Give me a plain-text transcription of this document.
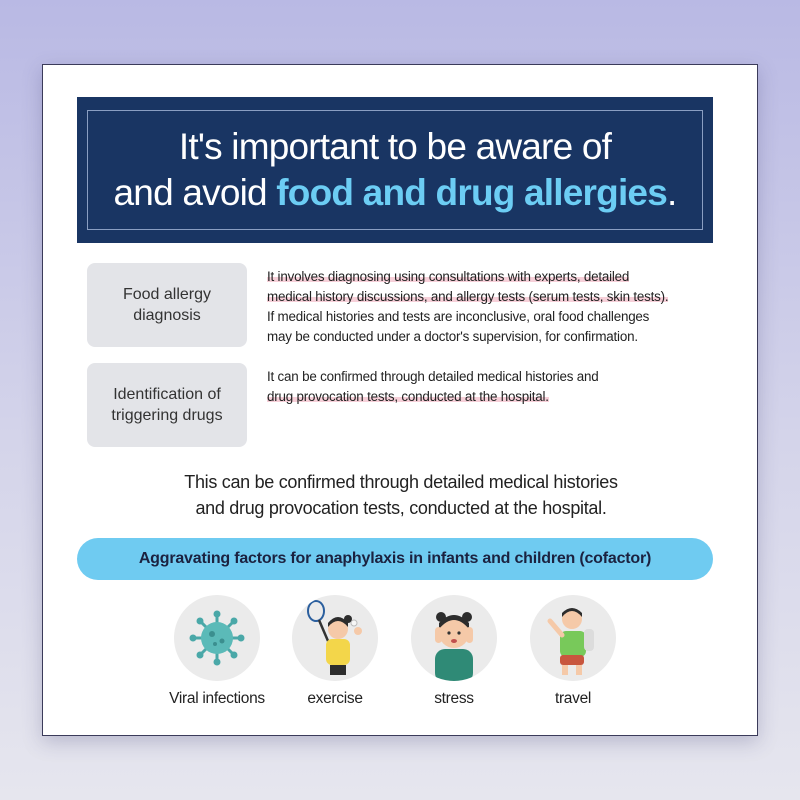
It's important to be aware of
and avoid food and drug allergies.
Food allergy diagnosis
It involves diagnosing using consultations with experts, detailed
medical history discussions, and allergy tests (serum tests, skin tests).
If medical histories and tests are inconclusive, oral food challenges
may be conducted under a doctor's supervision, for confirmation.
Identification of triggering drugs
It can be confirmed through detailed medical histories and
drug provocation tests, conducted at the hospital.
This can be confirmed through detailed medical histories
and drug provocation tests, conducted at the hospital.
Aggravating factors for anaphylaxis in infants and children (cofactor)
Viral infections	exercise	stress	travel
